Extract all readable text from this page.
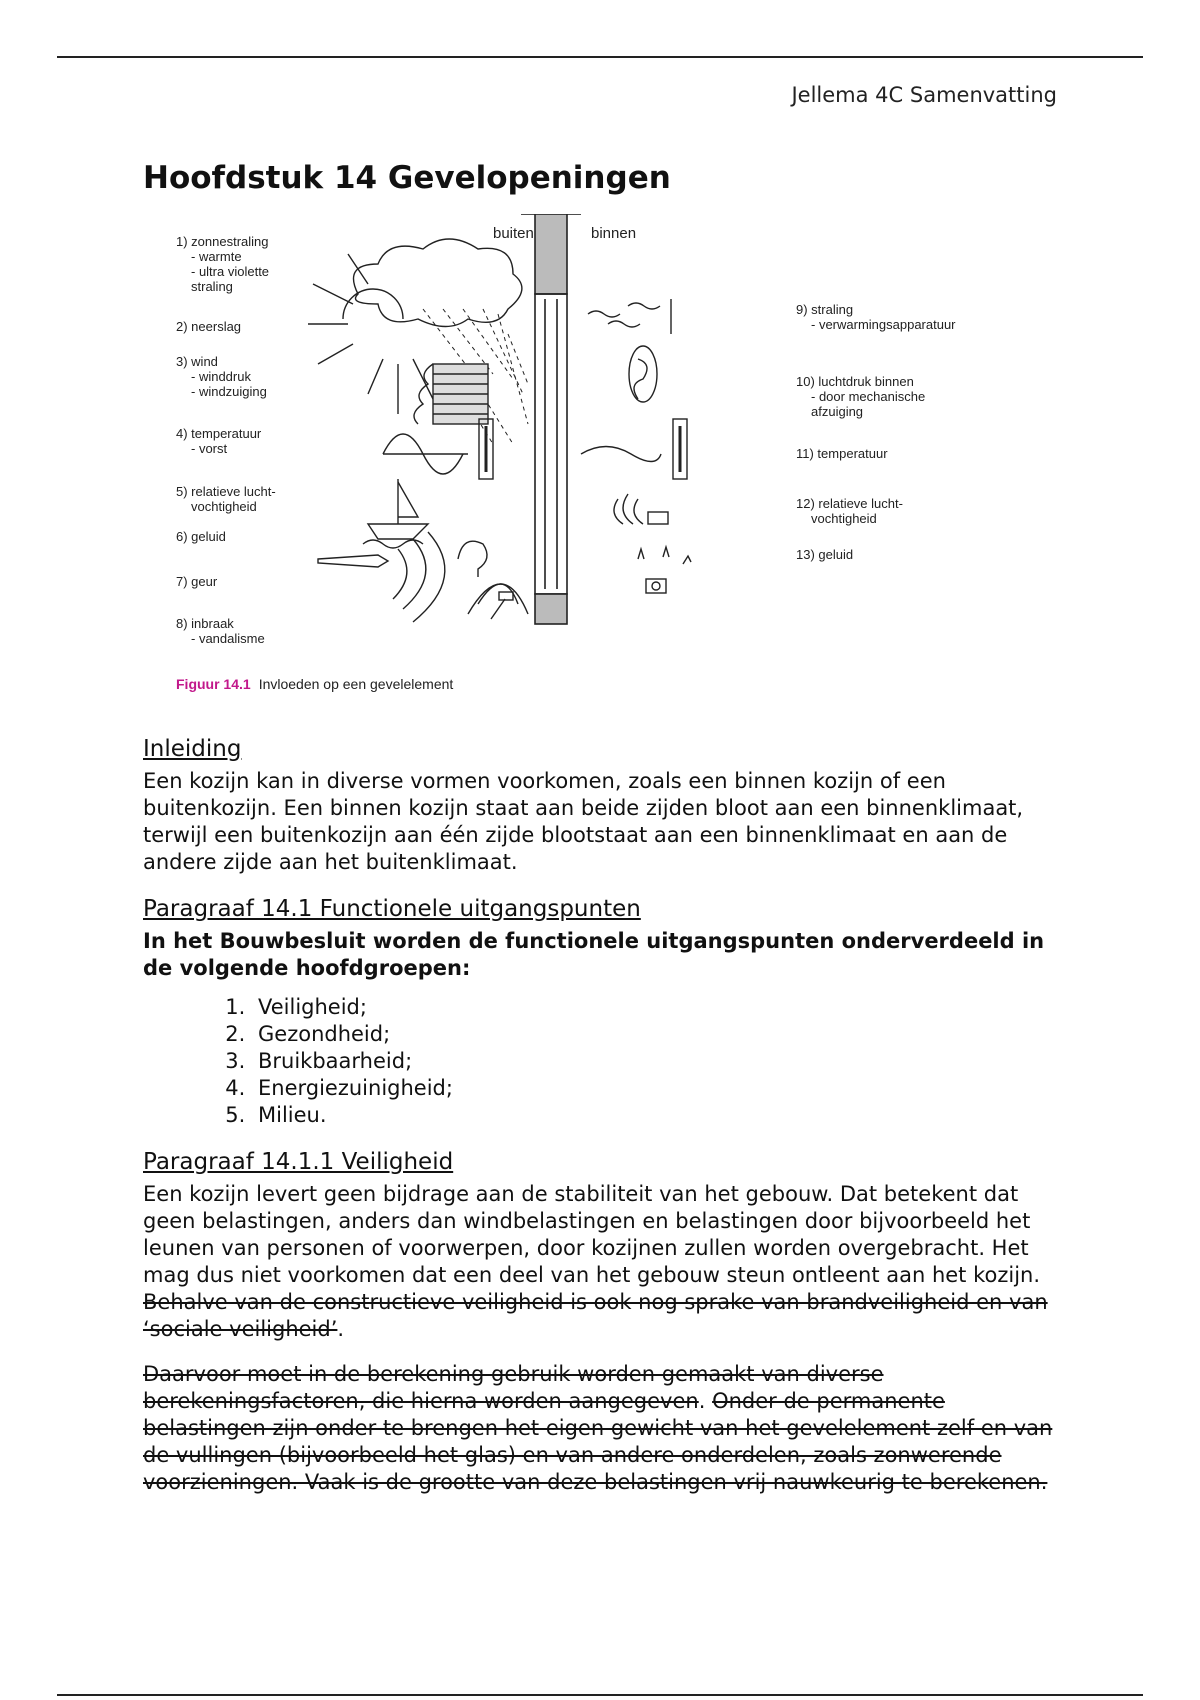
Jellema 4C Samenvatting
Hoofdstuk 14 Gevelopeningen
buiten	binnen
1) zonnestraling
- warmte
- ultra violette
straling
2) neerslag
3) wind
- winddruk
- windzuiging
4) temperatuur
- vorst
5) relatieve lucht-
vochtigheid
6) geluid
7) geur
8) inbraak
- vandalisme
9) straling
- verwarmingsapparatuur
10) luchtdruk binnen
- door mechanische
afzuiging
11) temperatuur
12) relatieve lucht-
vochtigheid
13) geluid
Figuur 14.1 Invloeden op een gevelelement
Inleiding

Een kozijn kan in diverse vormen voorkomen, zoals een binnen kozijn of een buitenkozijn. Een binnen kozijn staat aan beide zijden bloot aan een binnenklimaat, terwijl een buitenkozijn aan één zijde blootstaat aan een binnenklimaat en aan de andere zijde aan het buitenklimaat.

Paragraaf 14.1 Functionele uitgangspunten

In het Bouwbesluit worden de functionele uitgangspunten onderverdeeld in de volgende hoofdgroepen:

1. Veiligheid;
2. Gezondheid;
3. Bruikbaarheid;
4. Energiezuinigheid;
5. Milieu.
Paragraaf 14.1.1 Veiligheid

Een kozijn levert geen bijdrage aan de stabiliteit van het gebouw. Dat betekent dat geen belastingen, anders dan windbelastingen en belastingen door bijvoorbeeld het leunen van personen of voorwerpen, door kozijnen zullen worden overgebracht. Het mag dus niet voorkomen dat een deel van het gebouw steun ontleent aan het kozijn. Behalve van de constructieve veiligheid is ook nog sprake van brandveiligheid en van ‘sociale veiligheid’.

Daarvoor moet in de berekening gebruik worden gemaakt van diverse berekeningsfactoren, die hierna worden aangegeven. Onder de permanente belastingen zijn onder te brengen het eigen gewicht van het gevelelement zelf en van de vullingen (bijvoorbeeld het glas) en van andere onderdelen, zoals zonwerende voorzieningen. Vaak is de grootte van deze belastingen vrij nauwkeurig te berekenen.
